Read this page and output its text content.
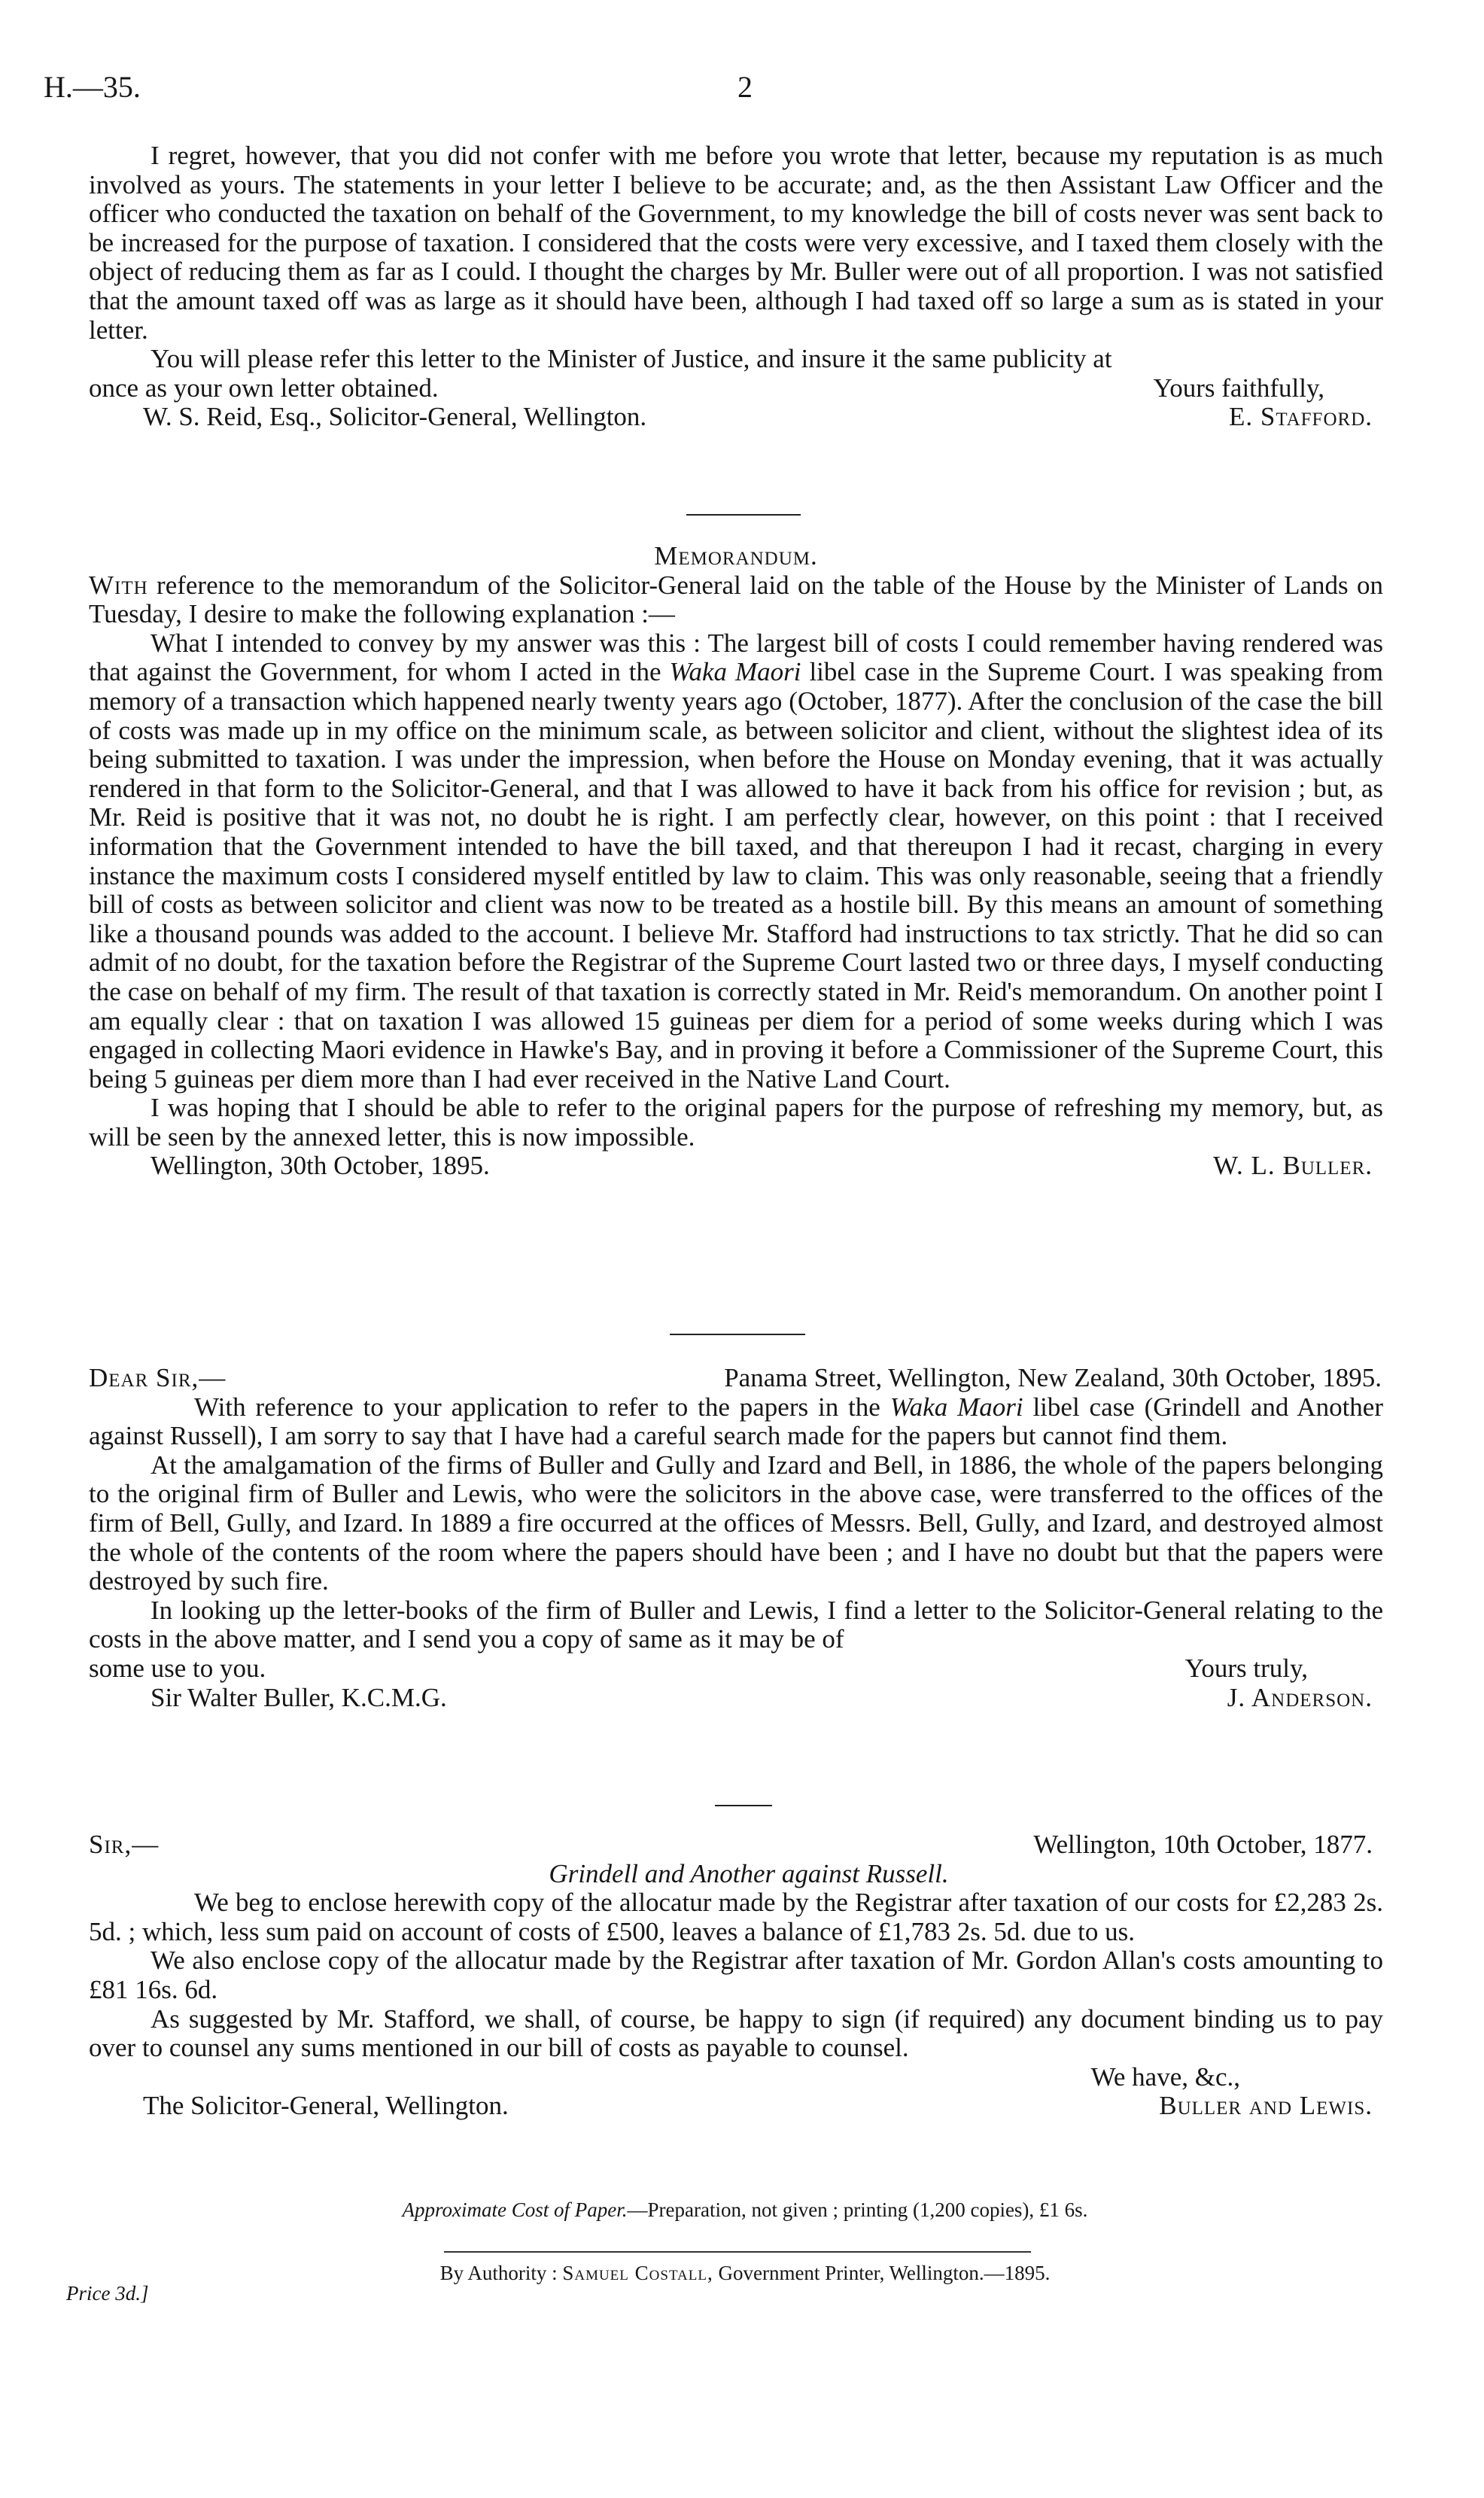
H.—35.	2

I regret, however, that you did not confer with me before you wrote that letter, because my reputation is as much involved as yours. The statements in your letter I believe to be accurate; and, as the then Assistant Law Officer and the officer who conducted the taxation on behalf of the Government, to my knowledge the bill of costs never was sent back to be increased for the purpose of taxation. I considered that the costs were very excessive, and I taxed them closely with the object of reducing them as far as I could. I thought the charges by Mr. Buller were out of all proportion. I was not satisfied that the amount taxed off was as large as it should have been, although I had taxed off so large a sum as is stated in your letter.

You will please refer this letter to the Minister of Justice, and insure it the same publicity at

once as your own letter obtained.	Yours faithfully,
W. S. Reid, Esq., Solicitor-General, Wellington.	E. Stafford.
Memorandum.

With reference to the memorandum of the Solicitor-General laid on the table of the House by the Minister of Lands on Tuesday, I desire to make the following explanation :—

What I intended to convey by my answer was this : The largest bill of costs I could remember having rendered was that against the Government, for whom I acted in the Waka Maori libel case in the Supreme Court. I was speaking from memory of a transaction which happened nearly twenty years ago (October, 1877). After the conclusion of the case the bill of costs was made up in my office on the minimum scale, as between solicitor and client, without the slightest idea of its being submitted to taxation. I was under the impression, when before the House on Monday evening, that it was actually rendered in that form to the Solicitor-General, and that I was allowed to have it back from his office for revision ; but, as Mr. Reid is positive that it was not, no doubt he is right. I am perfectly clear, however, on this point : that I received information that the Government intended to have the bill taxed, and that thereupon I had it recast, charging in every instance the maximum costs I considered myself entitled by law to claim. This was only reasonable, seeing that a friendly bill of costs as between solicitor and client was now to be treated as a hostile bill. By this means an amount of something like a thousand pounds was added to the account. I believe Mr. Stafford had instructions to tax strictly. That he did so can admit of no doubt, for the taxation before the Registrar of the Supreme Court lasted two or three days, I myself conducting the case on behalf of my firm. The result of that taxation is correctly stated in Mr. Reid's memorandum. On another point I am equally clear : that on taxation I was allowed 15 guineas per diem for a period of some weeks during which I was engaged in collecting Maori evidence in Hawke's Bay, and in proving it before a Commissioner of the Supreme Court, this being 5 guineas per diem more than I had ever received in the Native Land Court.

I was hoping that I should be able to refer to the original papers for the purpose of refreshing my memory, but, as will be seen by the annexed letter, this is now impossible.

Wellington, 30th October, 1895.	W. L. Buller.
Dear Sir,—	Panama Street, Wellington, New Zealand, 30th October, 1895.

With reference to your application to refer to the papers in the Waka Maori libel case (Grindell and Another against Russell), I am sorry to say that I have had a careful search made for the papers but cannot find them.

At the amalgamation of the firms of Buller and Gully and Izard and Bell, in 1886, the whole of the papers belonging to the original firm of Buller and Lewis, who were the solicitors in the above case, were transferred to the offices of the firm of Bell, Gully, and Izard. In 1889 a fire occurred at the offices of Messrs. Bell, Gully, and Izard, and destroyed almost the whole of the contents of the room where the papers should have been ; and I have no doubt but that the papers were destroyed by such fire.

In looking up the letter-books of the firm of Buller and Lewis, I find a letter to the Solicitor-General relating to the costs in the above matter, and I send you a copy of same as it may be of

some use to you.	Yours truly,
Sir Walter Buller, K.C.M.G.	J. Anderson.
Sir,—	Wellington, 10th October, 1877.
Grindell and Another against Russell.

We beg to enclose herewith copy of the allocatur made by the Registrar after taxation of our costs for £2,283 2s. 5d. ; which, less sum paid on account of costs of £500, leaves a balance of £1,783 2s. 5d. due to us.

We also enclose copy of the allocatur made by the Registrar after taxation of Mr. Gordon Allan's costs amounting to £81 16s. 6d.

As suggested by Mr. Stafford, we shall, of course, be happy to sign (if required) any document binding us to pay over to counsel any sums mentioned in our bill of costs as payable to counsel.

We have, &c.,
The Solicitor-General, Wellington.	Buller and Lewis.
Approximate Cost of Paper.—Preparation, not given ; printing (1,200 copies), £1 6s.
By Authority : Samuel Costall, Government Printer, Wellington.—1895.
Price 3d.]
